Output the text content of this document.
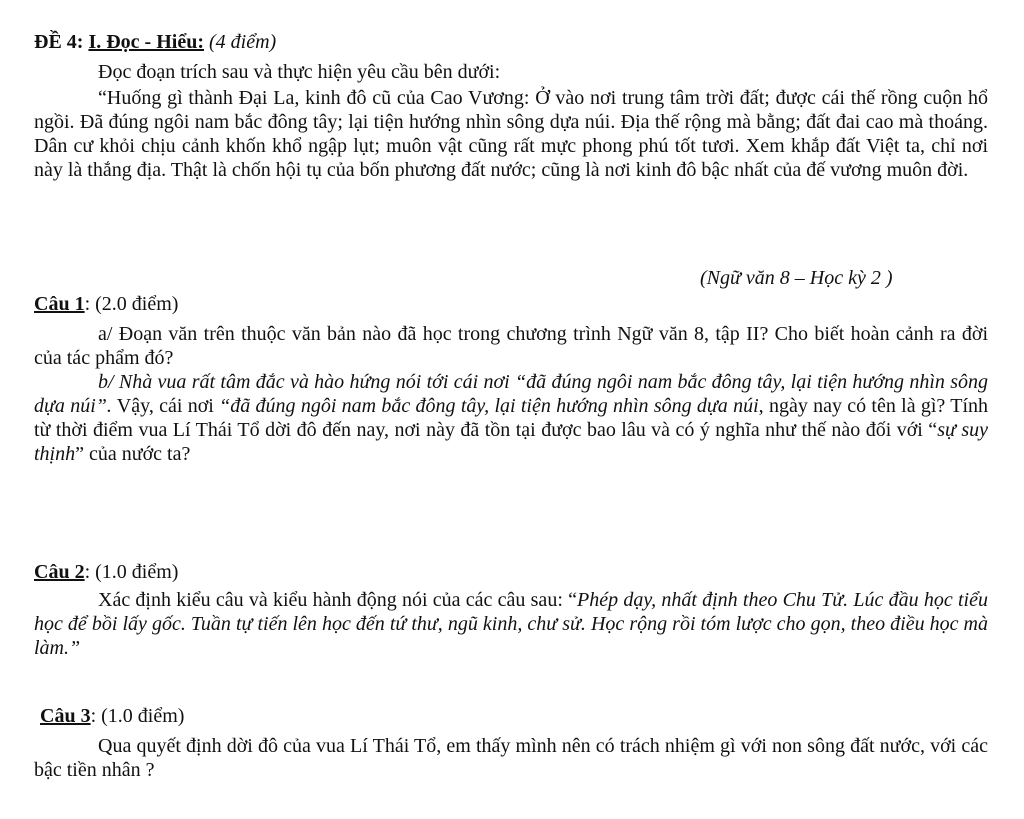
ĐỀ 4: I. Đọc - Hiểu: (4 điểm)

Đọc đoạn trích sau và thực hiện yêu cầu bên dưới:

“Huống gì thành Đại La, kinh đô cũ của Cao Vương: Ở vào nơi trung tâm trời đất; được cái thế rồng cuộn hổ ngồi. Đã đúng ngôi nam bắc đông tây; lại tiện hướng nhìn sông dựa núi. Địa thế rộng mà bằng; đất đai cao mà thoáng. Dân cư khỏi chịu cảnh khốn khổ ngập lụt; muôn vật cũng rất mực phong phú tốt tươi. Xem khắp đất Việt ta, chỉ nơi này là thắng địa. Thật là chốn hội tụ của bốn phương đất nước; cũng là nơi kinh đô bậc nhất của đế vương muôn đời.

(Ngữ văn 8 – Học kỳ 2 )
Câu 1: (2.0 điểm)

a/ Đoạn văn trên thuộc văn bản nào đã học trong chương trình Ngữ văn 8, tập II? Cho biết hoàn cảnh ra đời của tác phẩm đó?

b/ Nhà vua rất tâm đắc và hào hứng nói tới cái nơi “đã đúng ngôi nam bắc đông tây, lại tiện hướng nhìn sông dựa núi”. Vậy, cái nơi “đã đúng ngôi nam bắc đông tây, lại tiện hướng nhìn sông dựa núi, ngày nay có tên là gì? Tính từ thời điểm vua Lí Thái Tổ dời đô đến nay, nơi này đã tồn tại được bao lâu và có ý nghĩa như thế nào đối với “sự suy thịnh” của nước ta?

Câu 2: (1.0 điểm)

Xác định kiểu câu và kiểu hành động nói của các câu sau: “Phép dạy, nhất định theo Chu Tử. Lúc đầu học tiểu học để bồi lấy gốc. Tuần tự tiến lên học đến tứ thư, ngũ kinh, chư sử. Học rộng rồi tóm lược cho gọn, theo điều học mà làm.”

Câu 3: (1.0 điểm)

Qua quyết định dời đô của vua Lí Thái Tổ, em thấy mình nên có trách nhiệm gì với non sông đất nước, với các bậc tiền nhân ?
